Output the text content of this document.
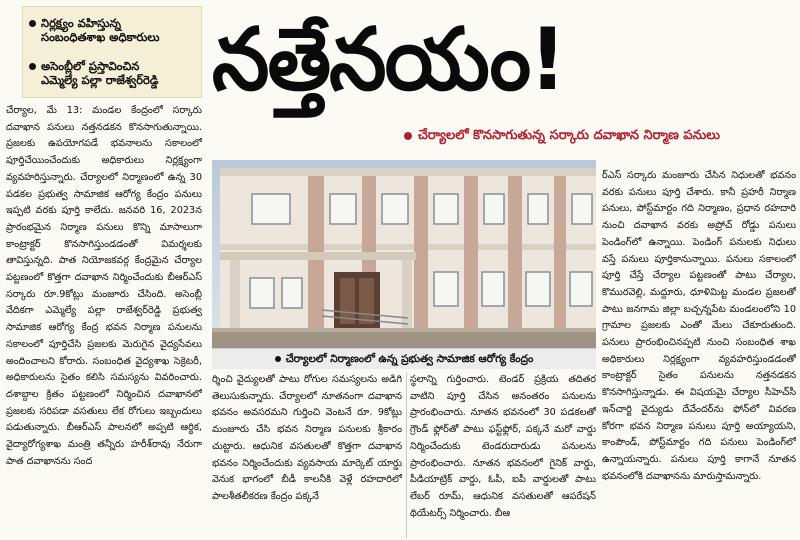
నిర్లక్ష్యం వహిస్తున్న
సంబంధితశాఖ అధికారులు
అసెంబ్లీలో ప్రస్తావించిన
ఎమ్మెల్యే పల్లా రాజేశ్వర్‌రెడ్డి నత్తేనయం!
చేర్యాలలో కొనసాగుతున్న సర్కారు దవాఖాన నిర్మాణ పనులు

చేర్యాల, మే 13: మండల కేంద్రంలో సర్కారు దవాఖాన పనులు నత్తనడకన కొనసాగుతున్నాయి. ప్రజలకు ఉపయోగపడే భవనాలను సకాలంలో పూర్తిచేయించేందుకు అధికారులు నిర్లక్ష్యంగా వ్యవహరిస్తున్నారు. చేర్యాలలో నిర్మాణంలో ఉన్న 30 పడకల ప్రభుత్వ సామాజిక ఆరోగ్య కేంద్రం పనులు ఇప్పటి వరకు పూర్తి కాలేదు. జనవరి 16, 2023న ప్రారంభమైన నిర్మాణ పనులు కొన్ని మాసాలుగా కాంట్రాక్టర్ కొనసాగిస్తుండడంతో విమర్శలకు తావిస్తున్నది. పాత నియోజకవర్గ కేంద్రమైన చేర్యాల పట్టణంలో కొత్తగా దవాఖాన నిర్మించేందుకు బీఆర్ఎస్ సర్కారు రూ.9కోట్లు మంజూరు చేసింది. అసెంబ్లీ వేదికగా ఎమ్మెల్యే పల్లా రాజేశ్వర్‌రెడ్డి ప్రభుత్వ సామాజిక ఆరోగ్య కేంద్ర భవన నిర్మాణ పనులను సకాలంలో పూర్తిచేసి ప్రజలకు మెరుగైన వైద్యసేవలు అందించాలని కోరారు. సంబంధిత వైద్యశాఖ సెక్రెటరీ, అధికారులను సైతం కలిసి సమస్యను వివరించారు. దశాబ్దాల క్రితం పట్టణంలో నిర్మించిన దవాఖానలో ప్రజలకు సరిపడా వసతులు లేక రోగులు ఇబ్బందులు పడుతున్నారు. బీఆర్ఎస్ పాలనలో అప్పటి ఆర్థిక, వైద్యారోగ్యశాఖ మంత్రి తన్నీరు హరీశ్‌రావు నేరుగా పాత దవాఖానను సంద

చేర్యాలలో నిర్మాణంలో ఉన్న ప్రభుత్వ సామాజిక ఆరోగ్య కేంద్రం

ర్శించి వైద్యులతో పాటు రోగుల సమస్యలను అడిగి తెలుసుకున్నారు. చేర్యాలలో నూతనంగా దవాఖాన భవనం అవసరమని గుర్తించి వెంటనే రూ. 9కోట్లు మంజూరు చేసి భవన నిర్మాణ పనులకు శ్రీకారం చుట్టారు. ఆధునిక వసతులతో కొత్తగా దవాఖాన భవనం నిర్మించేందుకు వ్యవసాయ మార్కెట్ యార్డు వెనుక భాగంలో బీడీ కాలనీకి వెళ్లే రహదారిలో పాలశీతలీకరణ కేంద్రం పక్కనే

స్థలాన్ని గుర్తించారు. టెండర్ ప్రక్రియ తదితర వాటిని పూర్తి చేసిన అనంతరం పనులను ప్రారంభించారు. నూతన భవనంలో 30 పడకలతో గ్రౌండ్ ఫ్లోర్‌తో పాటు ఫస్ట్‌ఫ్లోర్, పక్కనే మరో వార్డు నిర్మించేందుకు టెండరుదారుడు పనులను ప్రారంభించారు. నూతన భవనంలో గైనిక్ వార్డు, పీడియాట్రిక్ వార్డు, ఓపీ, ఐపీ వార్డులతో పాటు లేబర్ రూమ్, ఆధునిక వసతులతో ఆపరేషన్ థియేటర్స్ నిర్మించారు. బీఆ

ర్ఎస్ సర్కారు మంజూరు చేసిన నిధులతో భవనం వరకు పనులు పూర్తి చేశారు. కానీ ప్రహరీ నిర్మాణ పనులు, పోస్ట్‌మార్టం గది నిర్మాణం, ప్రధాన రహదారి నుంచి దవాఖాన వరకు అప్రోచ్ రోడ్డు పనులు పెండింగ్‌లో ఉన్నాయి. పెండింగ్ పనులకు నిధులు వస్తే పనులు పూర్తికానున్నాయి. పనులు సకాలంలో పూర్తి చేస్తే చేర్యాల పట్టణంతో పాటు చేర్యాల, కొమురవెల్లి, మద్దూరు, ధూళిమిట్ట మండల ప్రజలతో పాటు జనగామ జిల్లా బచ్చన్నపేట మండలంలోని 10 గ్రామాల ప్రజలకు ఎంతో మేలు చేకూరుతుంది. పనులు ప్రారంభించినప్పటి నుంచి సంబంధిత శాఖ అధికారులు నిర్లక్ష్యంగా వ్యవహరిస్తుండడంతో కాంట్రాక్టర్ సైతం పనులను నత్తనడకన కొనసాగిస్తున్నాడు. ఈ విషయమై చేర్యాల సీహెచ్‌సీ ఇన్‌చార్జి వైద్యుడు దేవేందర్‌ను ఫోన్‌లో వివరణ కోరగా భవన నిర్మాణ పనులు పూర్తి అయ్యాయని, కాంపౌండ్, పోస్ట్‌మార్టం గది పనులు పెండింగ్‌లో ఉన్నాయన్నారు. పనులు పూర్తి కాగానే నూతన భవనంలోకి దవాఖానను మారుస్తామన్నారు.
